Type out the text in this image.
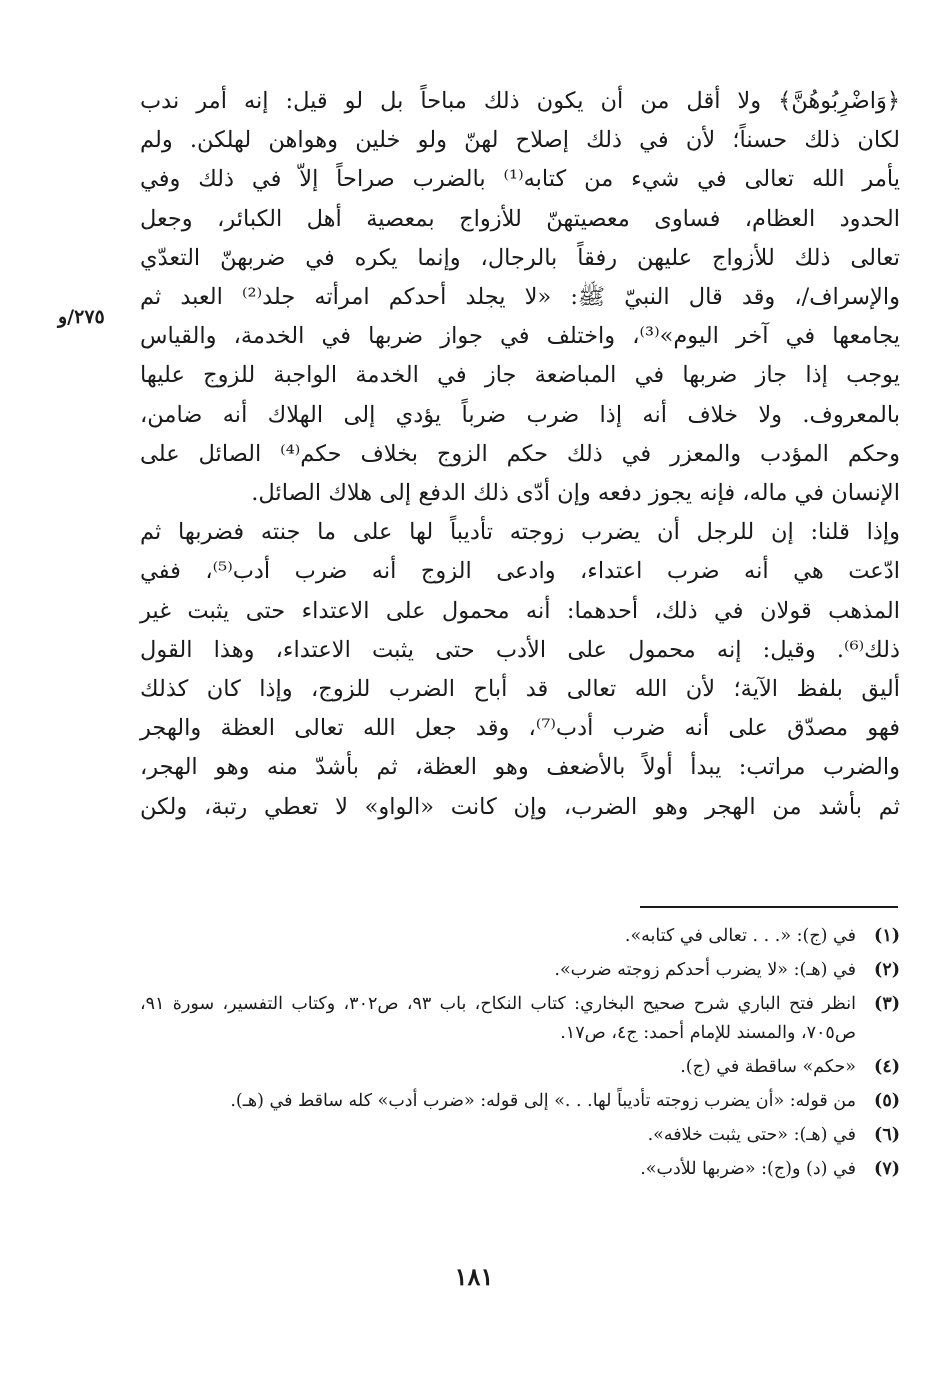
٢٧٥/و

﴿وَاضْرِبُوهُنَّ﴾ ولا أقل من أن يكون ذلك مباحاً بل لو قيل: إنه أمر ندب

لكان ذلك حسناً؛ لأن في ذلك إصلاح لهنّ ولو خلين وهواهن لهلكن. ولم

يأمر الله تعالى في شيء من كتابه⁽¹⁾ بالضرب صراحاً إلاّ في ذلك وفي

الحدود العظام، فساوى معصيتهنّ للأزواج بمعصية أهل الكبائر، وجعل

تعالى ذلك للأزواج عليهن رفقاً بالرجال، وإنما يكره في ضربهنّ التعدّي

والإسراف/، وقد قال النبيّ ﷺ: «لا يجلد أحدكم امرأته جلد⁽²⁾ العبد ثم

يجامعها في آخر اليوم»⁽³⁾، واختلف في جواز ضربها في الخدمة، والقياس

يوجب إذا جاز ضربها في المباضعة جاز في الخدمة الواجبة للزوج عليها

بالمعروف. ولا خلاف أنه إذا ضرب ضرباً يؤدي إلى الهلاك أنه ضامن،

وحكم المؤدب والمعزر في ذلك حكم الزوج بخلاف حكم⁽⁴⁾ الصائل على

الإنسان في ماله، فإنه يجوز دفعه وإن أدّى ذلك الدفع إلى هلاك الصائل.

وإذا قلنا: إن للرجل أن يضرب زوجته تأديباً لها على ما جنته فضربها ثم

ادّعت هي أنه ضرب اعتداء، وادعى الزوج أنه ضرب أدب⁽⁵⁾، ففي

المذهب قولان في ذلك، أحدهما: أنه محمول على الاعتداء حتى يثبت غير

ذلك⁽⁶⁾. وقيل: إنه محمول على الأدب حتى يثبت الاعتداء، وهذا القول

أليق بلفظ الآية؛ لأن الله تعالى قد أباح الضرب للزوج، وإذا كان كذلك

فهو مصدّق على أنه ضرب أدب⁽⁷⁾، وقد جعل الله تعالى العظة والهجر

والضرب مراتب: يبدأ أولاً بالأضعف وهو العظة، ثم بأشدّ منه وهو الهجر،

ثم بأشد من الهجر وهو الضرب، وإن كانت «الواو» لا تعطي رتبة، ولكن

(١)
في (ج): «. . . تعالى في كتابه».
(٢)
في (هـ): «لا يضرب أحدكم زوجته ضرب».
(٣)
انظر فتح الباري شرح صحيح البخاري: كتاب النكاح، باب ٩٣، ص٣٠٢، وكتاب التفسير، سورة ٩١، ص٧٠٥، والمسند للإمام أحمد: ج٤، ص١٧.
(٤)
«حكم» ساقطة في (ج).
(٥)
من قوله: «أن يضرب زوجته تأديباً لها. . .» إلى قوله: «ضرب أدب» كله ساقط في (هـ).
(٦)
في (هـ): «حتى يثبت خلافه».
(٧)
في (د) و(ج): «ضربها للأدب».
١٨١
